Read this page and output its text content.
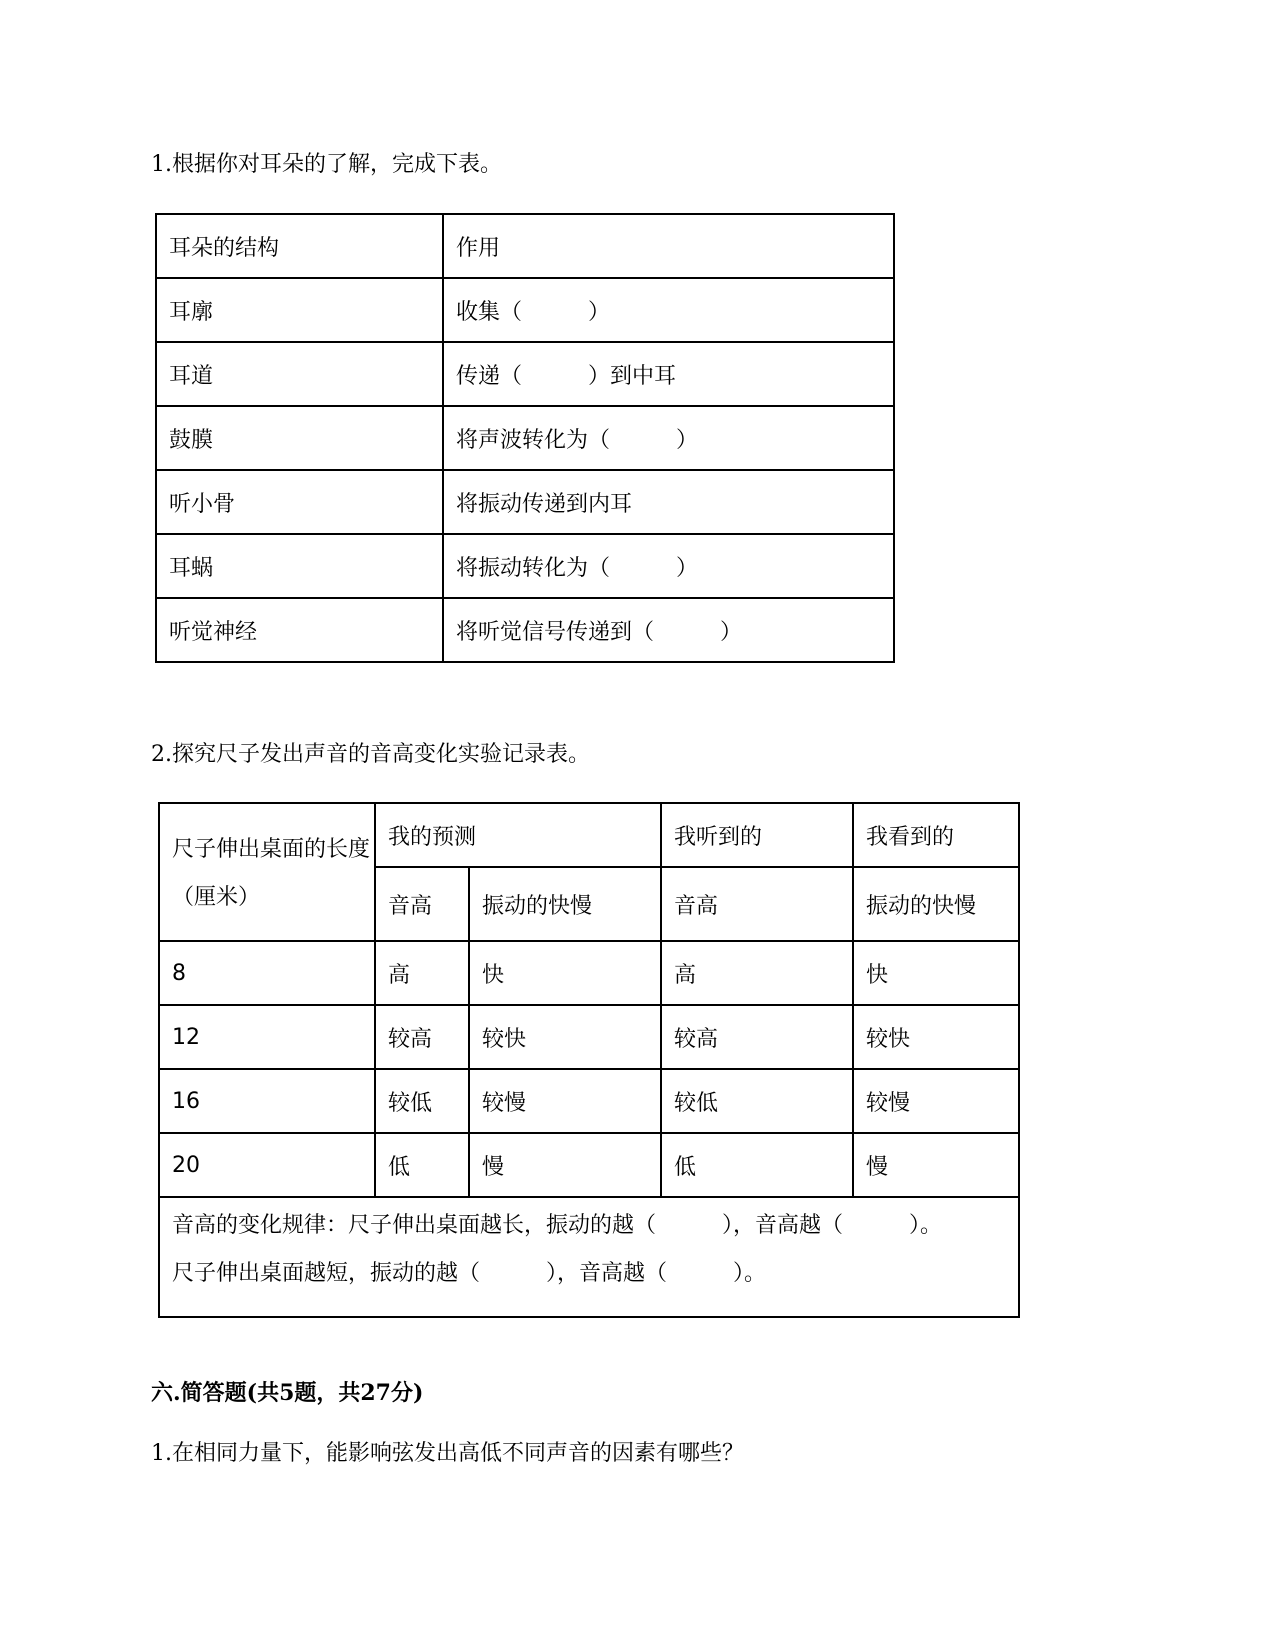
1.根据你对耳朵的了解，完成下表。
耳朵的结构	作用
耳廓	收集（　　　）
耳道	传递（　　　）到中耳
鼓膜	将声波转化为（　　　）
听小骨	将振动传递到内耳
耳蜗	将振动转化为（　　　）
听觉神经	将听觉信号传递到（　　　）
2.探究尺子发出声音的音高变化实验记录表。
尺子伸出桌面的长度（厘米）	我的预测		我听到的	我看到的
	音高	振动的快慢	音高	振动的快慢
8	高	快	高	快
12	较高	较快	较高	较快
16	较低	较慢	较低	较慢
20	低	慢	低	慢

音高的变化规律：尺子伸出桌面越长，振动的越（　　　），音高越（　　　）。
尺子伸出桌面越短，振动的越（　　　），音高越（　　　）。				
六.简答题(共5题，共27分)
1.在相同力量下，能影响弦发出高低不同声音的因素有哪些？
